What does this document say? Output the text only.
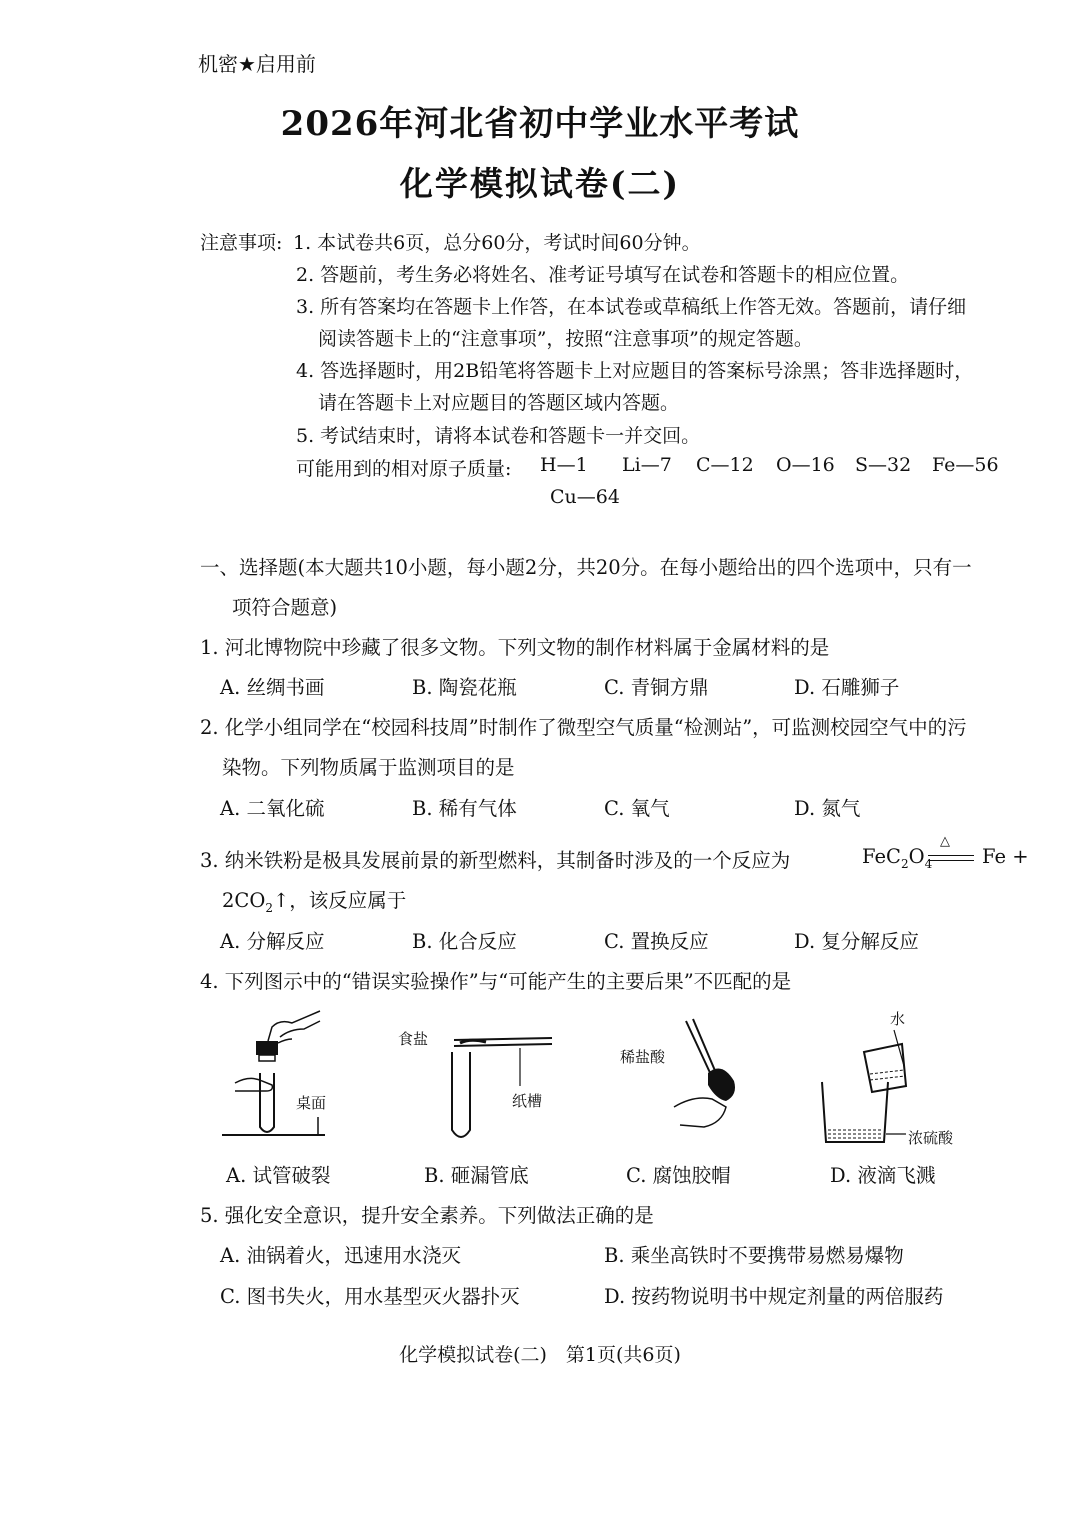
机密★启用前
2026年河北省初中学业水平考试
化学模拟试卷(二)
注意事项: 1. 本试卷共6页，总分60分，考试时间60分钟。
2. 答题前，考生务必将姓名、准考证号填写在试卷和答题卡的相应位置。
3. 所有答案均在答题卡上作答，在本试卷或草稿纸上作答无效。答题前，请仔细
阅读答题卡上的“注意事项”，按照“注意事项”的规定答题。
4. 答选择题时，用2B铅笔将答题卡上对应题目的答案标号涂黑；答非选择题时，
请在答题卡上对应题目的答题区域内答题。
5. 考试结束时，请将本试卷和答题卡一并交回。
可能用到的相对原子质量: H—1 Li—7 C—12 O—16 S—32 Fe—56
Cu—64
一、选择题(本大题共10小题，每小题2分，共20分。在每小题给出的四个选项中，只有一
项符合题意)
1. 河北博物院中珍藏了很多文物。下列文物的制作材料属于金属材料的是
A. 丝绸书画	B. 陶瓷花瓶	C. 青铜方鼎	D. 石雕狮子
2. 化学小组同学在“校园科技周”时制作了微型空气质量“检测站”，可监测校园空气中的污
染物。下列物质属于监测项目的是
A. 二氧化硫	B. 稀有气体	C. 氧气	D. 氮气
3. 纳米铁粉是极具发展前景的新型燃料，其制备时涉及的一个反应为	$FeC_2O_4$
△
Fe +
$2CO_2↑$，该反应属于
A. 分解反应	B. 化合反应	C. 置换反应	D. 复分解反应
4. 下列图示中的“错误实验操作”与“可能产生的主要后果”不匹配的是
桌面
食盐
纸槽
稀盐酸
水
浓硫酸
A. 试管破裂	B. 砸漏管底	C. 腐蚀胶帽	D. 液滴飞溅
5. 强化安全意识，提升安全素养。下列做法正确的是
A. 油锅着火，迅速用水浇灭	B. 乘坐高铁时不要携带易燃易爆物
C. 图书失火，用水基型灭火器扑灭	D. 按药物说明书中规定剂量的两倍服药
化学模拟试卷(二)　第1页(共6页)
